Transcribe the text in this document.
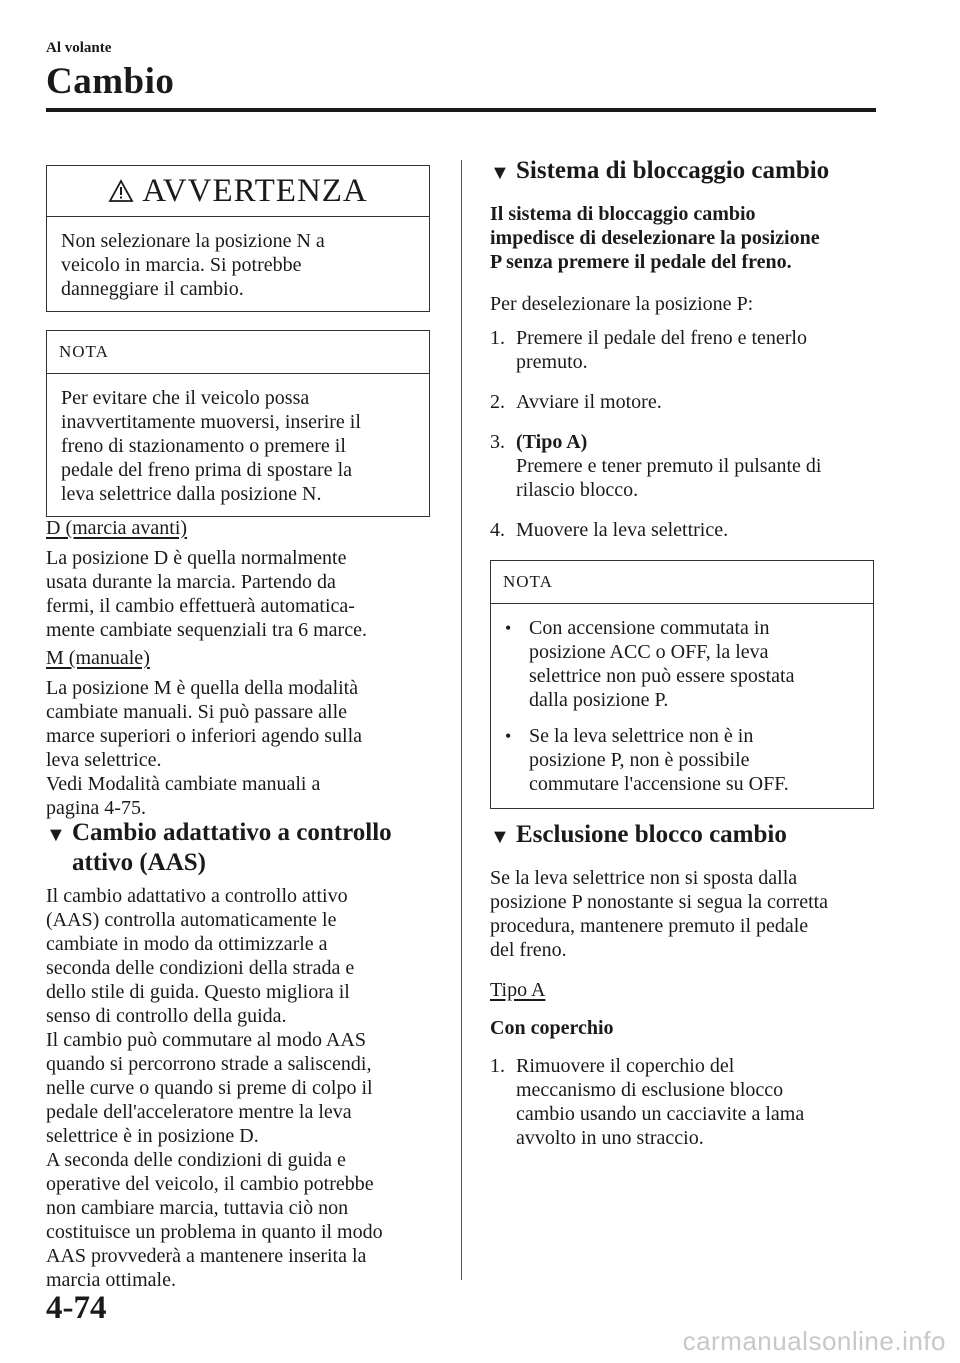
Al volante
Cambio
AVVERTENZA
Non selezionare la posizione N a
veicolo in marcia. Si potrebbe
danneggiare il cambio.
NOTA
Per evitare che il veicolo possa
inavvertitamente muoversi, inserire il
freno di stazionamento o premere il
pedale del freno prima di spostare la
leva selettrice dalla posizione N.
D (marcia avanti)
La posizione D è quella normalmente
usata durante la marcia. Partendo da
fermi, il cambio effettuerà automatica-
mente cambiate sequenziali tra 6 marce.
M (manuale)
La posizione M è quella della modalità
cambiate manuali. Si può passare alle
marce superiori o inferiori agendo sulla
leva selettrice.
Vedi Modalità cambiate manuali a
pagina 4-75.
▼ Cambio adattativo a controllo
attivo (AAS)
Il cambio adattativo a controllo attivo
(AAS) controlla automaticamente le
cambiate in modo da ottimizzarle a
seconda delle condizioni della strada e
dello stile di guida. Questo migliora il
senso di controllo della guida.
Il cambio può commutare al modo AAS
quando si percorrono strade a saliscendi,
nelle curve o quando si preme di colpo il
pedale dell'acceleratore mentre la leva
selettrice è in posizione D.
A seconda delle condizioni di guida e
operative del veicolo, il cambio potrebbe
non cambiare marcia, tuttavia ciò non
costituisce un problema in quanto il modo
AAS provvederà a mantenere inserita la
marcia ottimale.
▼ Sistema di bloccaggio cambio
Il sistema di bloccaggio cambio
impedisce di deselezionare la posizione
P senza premere il pedale del freno.
Per deselezionare la posizione P:
1. Premere il pedale del freno e tenerlo
premuto.
2. Avviare il motore.
3. (Tipo A)
Premere e tener premuto il pulsante di
rilascio blocco.
4. Muovere la leva selettrice.
NOTA
• Con accensione commutata in
posizione ACC o OFF, la leva
selettrice non può essere spostata
dalla posizione P.
• Se la leva selettrice non è in
posizione P, non è possibile
commutare l'accensione su OFF.
▼ Esclusione blocco cambio
Se la leva selettrice non si sposta dalla
posizione P nonostante si segua la corretta
procedura, mantenere premuto il pedale
del freno.
Tipo A
Con coperchio
1. Rimuovere il coperchio del
meccanismo di esclusione blocco
cambio usando un cacciavite a lama
avvolto in uno straccio.
4-74
carmanualsonline.info
